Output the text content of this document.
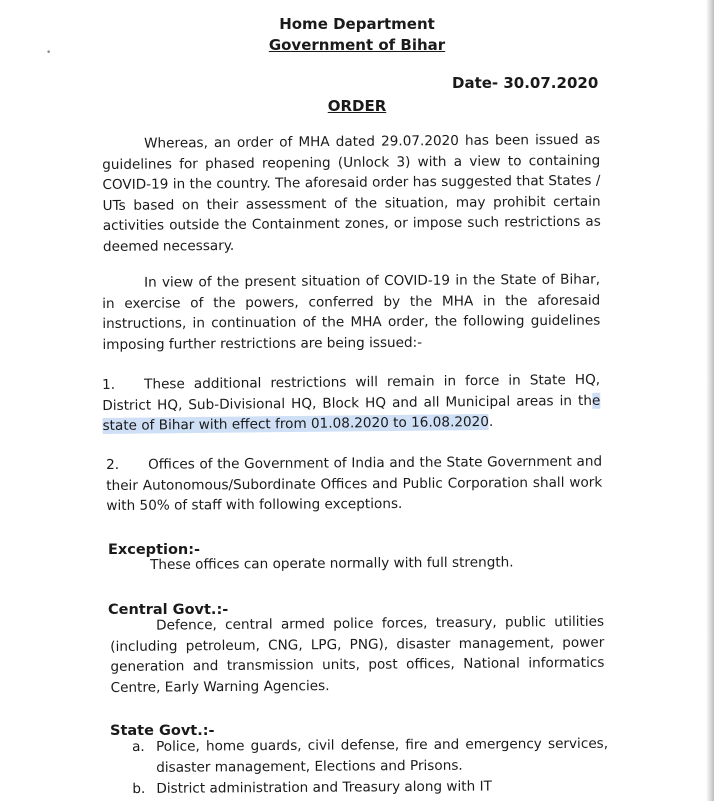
•
Home Department
Government of Bihar
Date- 30.07.2020
ORDER
Whereas, an order of MHA dated 29.07.2020 has been issued as guidelines for phased reopening (Unlock 3) with a view to containing COVID-19 in the country. The aforesaid order has suggested that States / UTs based on their assessment of the situation, may prohibit certain activities outside the Containment zones, or impose such restrictions as deemed necessary.
In view of the present situation of COVID-19 in the State of Bihar, in exercise of the powers, conferred by the MHA in the aforesaid instructions, in continuation of the MHA order, the following guidelines imposing further restrictions are being issued:-
1. These additional restrictions will remain in force in State HQ, District HQ, Sub-Divisional HQ, Block HQ and all Municipal areas in the state of Bihar with effect from 01.08.2020 to 16.08.2020.
2. Offices of the Government of India and the State Government and their Autonomous/Subordinate Offices and Public Corporation shall work with 50% of staff with following exceptions.
Exception:-
These offices can operate normally with full strength.
Central Govt.:-
Defence, central armed police forces, treasury, public utilities (including petroleum, CNG, LPG, PNG), disaster management, power generation and transmission units, post offices, National informatics Centre, Early Warning Agencies.
State Govt.:-
a. Police, home guards, civil defense, fire and emergency services, disaster management, Elections and Prisons.
b. District administration and Treasury along with IT
